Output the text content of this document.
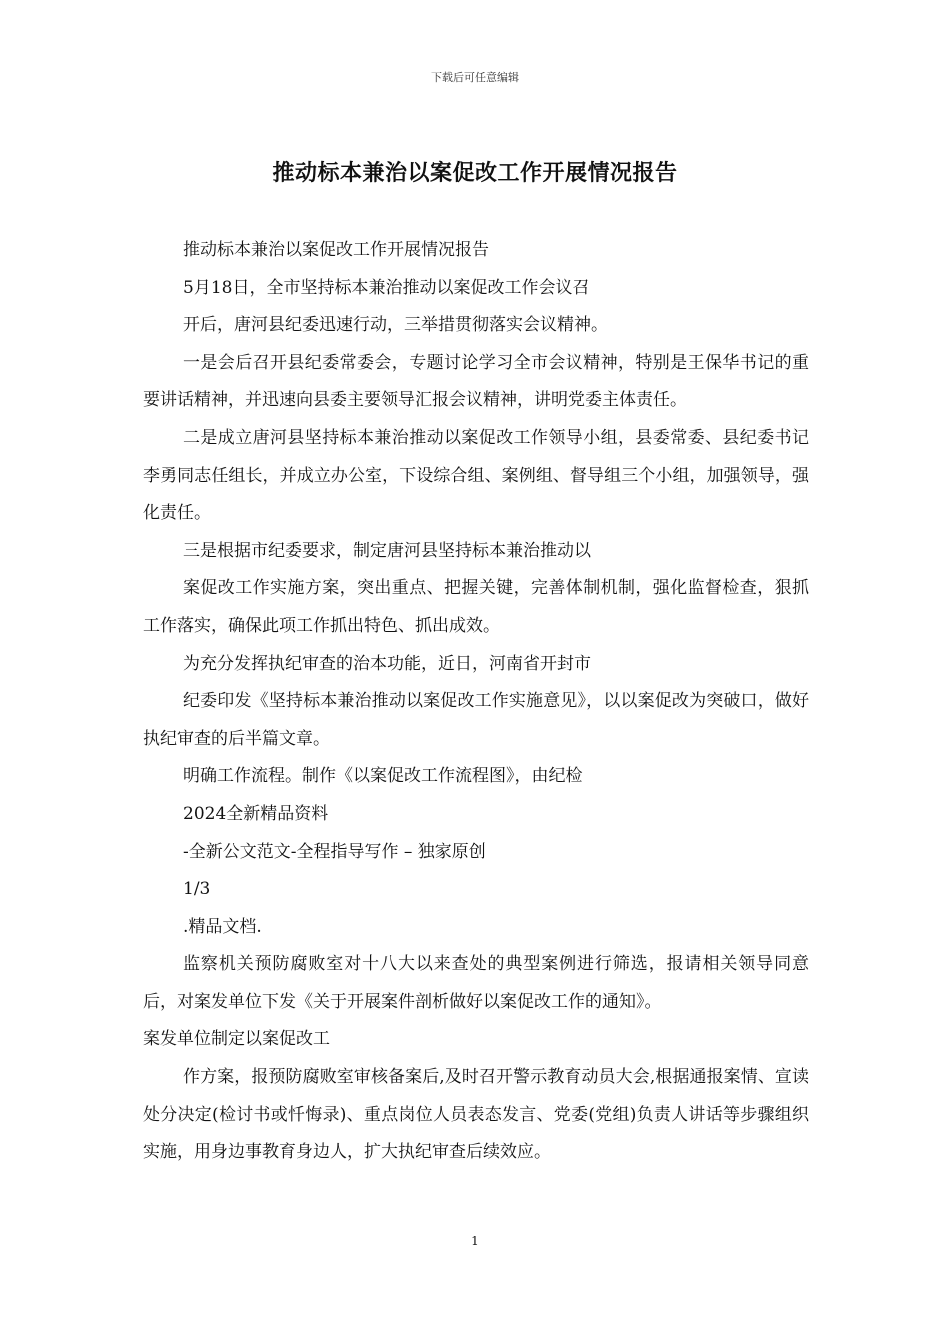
下载后可任意编辑
推动标本兼治以案促改工作开展情况报告

推动标本兼治以案促改工作开展情况报告

5月18日，全市坚持标本兼治推动以案促改工作会议召

开后，唐河县纪委迅速行动，三举措贯彻落实会议精神。

一是会后召开县纪委常委会，专题讨论学习全市会议精神，特别是王保华书记的重要讲话精神，并迅速向县委主要领导汇报会议精神，讲明党委主体责任。

二是成立唐河县坚持标本兼治推动以案促改工作领导小组，县委常委、县纪委书记李勇同志任组长，并成立办公室，下设综合组、案例组、督导组三个小组，加强领导，强化责任。

三是根据市纪委要求，制定唐河县坚持标本兼治推动以

案促改工作实施方案，突出重点、把握关键，完善体制机制，强化监督检查，狠抓工作落实，确保此项工作抓出特色、抓出成效。

为充分发挥执纪审查的治本功能，近日，河南省开封市

纪委印发《坚持标本兼治推动以案促改工作实施意见》，以以案促改为突破口，做好执纪审查的后半篇文章。

明确工作流程。制作《以案促改工作流程图》，由纪检

2024全新精品资料

-全新公文范文-全程指导写作 – 独家原创

1/3

.精品文档.

监察机关预防腐败室对十八大以来查处的典型案例进行筛选，报请相关领导同意后，对案发单位下发《关于开展案件剖析做好以案促改工作的通知》。

案发单位制定以案促改工

作方案，报预防腐败室审核备案后,及时召开警示教育动员大会,根据通报案情、宣读处分决定(检讨书或忏悔录)、重点岗位人员表态发言、党委(党组)负责人讲话等步骤组织实施，用身边事教育身边人，扩大执纪审查后续效应。

1
